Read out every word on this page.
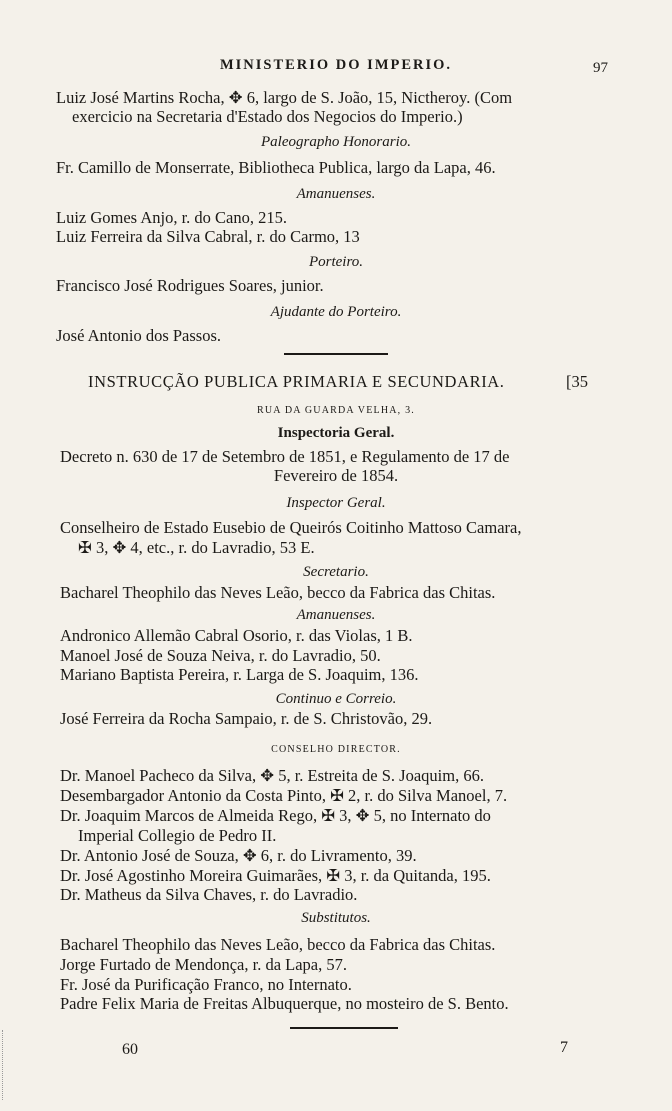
MINISTERIO DO IMPERIO.	97
Luiz José Martins Rocha, ✥ 6, largo de S. João, 15, Nictheroy. (Com
exercicio na Secretaria d'Estado dos Negocios do Imperio.)
Paleographo Honorario.
Fr. Camillo de Monserrate, Bibliotheca Publica, largo da Lapa, 46.
Amanuenses.
Luiz Gomes Anjo, r. do Cano, 215.
Luiz Ferreira da Silva Cabral, r. do Carmo, 13
Porteiro.
Francisco José Rodrigues Soares, junior.
Ajudante do Porteiro.
José Antonio dos Passos.
INSTRUCÇÃO PUBLICA PRIMARIA E SECUNDARIA.	[35
RUA DA GUARDA VELHA, 3.
Inspectoria Geral.
Decreto n. 630 de 17 de Setembro de 1851, e Regulamento de 17 de
Fevereiro de 1854.
Inspector Geral.
Conselheiro de Estado Eusebio de Queirós Coitinho Mattoso Camara,
✠ 3, ✥ 4, etc., r. do Lavradio, 53 E.
Secretario.
Bacharel Theophilo das Neves Leão, becco da Fabrica das Chitas.
Amanuenses.
Andronico Allemão Cabral Osorio, r. das Violas, 1 B.
Manoel José de Souza Neiva, r. do Lavradio, 50.
Mariano Baptista Pereira, r. Larga de S. Joaquim, 136.
Continuo e Correio.
José Ferreira da Rocha Sampaio, r. de S. Christovão, 29.
CONSELHO DIRECTOR.
Dr. Manoel Pacheco da Silva, ✥ 5, r. Estreita de S. Joaquim, 66.
Desembargador Antonio da Costa Pinto, ✠ 2, r. do Silva Manoel, 7.
Dr. Joaquim Marcos de Almeida Rego, ✠ 3, ✥ 5, no Internato do
Imperial Collegio de Pedro II.
Dr. Antonio José de Souza, ✥ 6, r. do Livramento, 39.
Dr. José Agostinho Moreira Guimarães, ✠ 3, r. da Quitanda, 195.
Dr. Matheus da Silva Chaves, r. do Lavradio.
Substitutos.
Bacharel Theophilo das Neves Leão, becco da Fabrica das Chitas.
Jorge Furtado de Mendonça, r. da Lapa, 57.
Fr. José da Purificação Franco, no Internato.
Padre Felix Maria de Freitas Albuquerque, no mosteiro de S. Bento.
60	7
